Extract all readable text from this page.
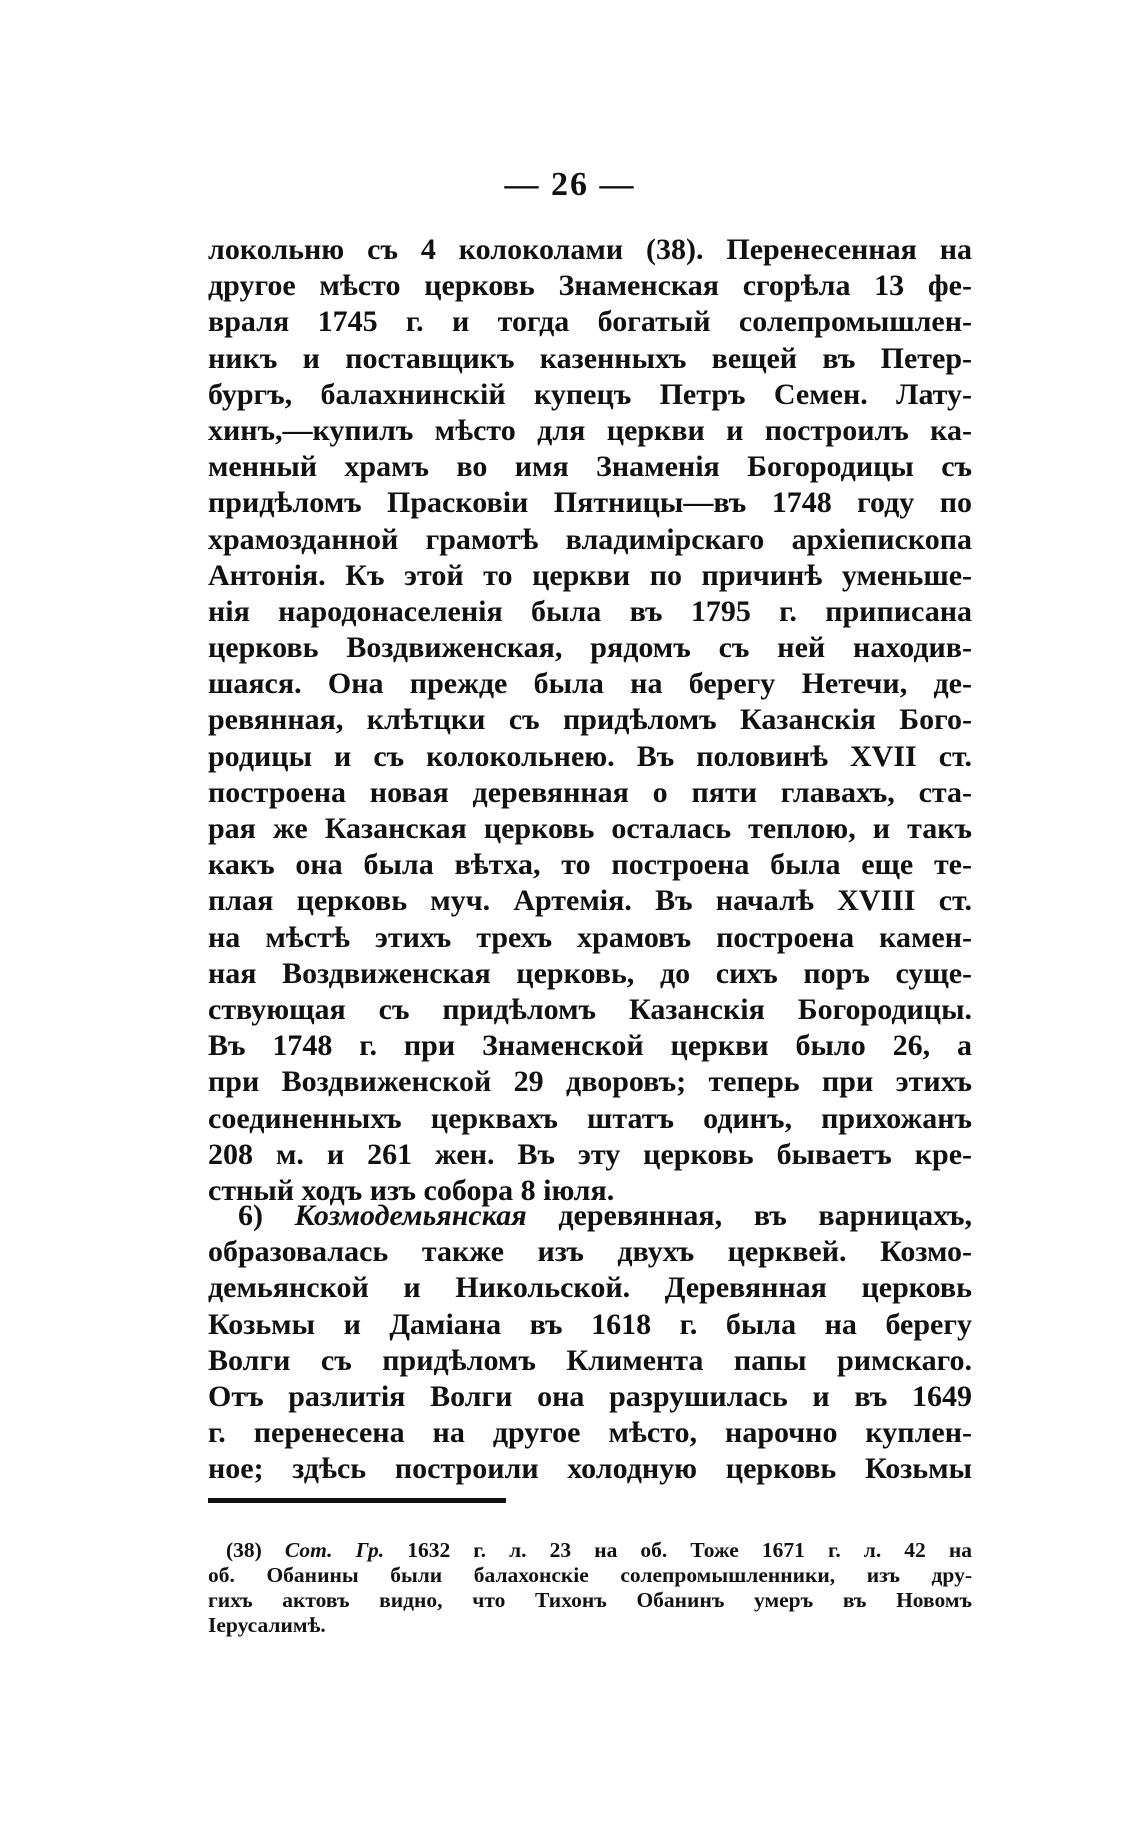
— 26 —
локольню съ 4 колоколами (38). Перенесенная на
другое мѣсто церковь Знаменская сгорѣла 13 фе-
враля 1745 г. и тогда богатый солепромышлен-
никъ и поставщикъ казенныхъ вещей въ Петер-
бургъ, балахнинскій купецъ Петръ Семен. Лату-
хинъ,—купилъ мѣсто для церкви и построилъ ка-
менный храмъ во имя Знаменія Богородицы съ
придѣломъ Прасковіи Пятницы—въ 1748 году по
храмозданной грамотѣ владимірскаго архіепископа
Антонія. Къ этой то церкви по причинѣ уменьше-
нія народонаселенія была въ 1795 г. приписана
церковь Воздвиженская, рядомъ съ ней находив-
шаяся. Она прежде была на берегу Нетечи, де-
ревянная, клѣтцки съ придѣломъ Казанскія Бого-
родицы и съ колокольнею. Въ половинѣ XVII ст.
построена новая деревянная о пяти главахъ, ста-
рая же Казанская церковь осталась теплою, и такъ
какъ она была вѣтха, то построена была еще те-
плая церковь муч. Артемія. Въ началѣ XVIII ст.
на мѣстѣ этихъ трехъ храмовъ построена камен-
ная Воздвиженская церковь, до сихъ поръ суще-
ствующая съ придѣломъ Казанскія Богородицы.
Въ 1748 г. при Знаменской церкви было 26, а
при Воздвиженской 29 дворовъ; теперь при этихъ
соединенныхъ церквахъ штатъ одинъ, прихожанъ
208 м. и 261 жен. Въ эту церковь бываетъ кре-
стный ходъ изъ собора 8 іюля.
6) Козмодемьянская деревянная, въ варницахъ,
образовалась также изъ двухъ церквей. Козмо-
демьянской и Никольской. Деревянная церковь
Козьмы и Даміана въ 1618 г. была на берегу
Волги съ придѣломъ Климента папы римскаго.
Отъ разлитія Волги она разрушилась и въ 1649
г. перенесена на другое мѣсто, нарочно куплен-
ное; здѣсь построили холодную церковь Козьмы
(38) Сот. Гр. 1632 г. л. 23 на об. Тоже 1671 г. л. 42 на
об. Обанины были балахонскіе солепромышленники, изъ дру-
гихъ актовъ видно, что Тихонъ Обанинъ умеръ въ Новомъ
Іерусалимѣ.
